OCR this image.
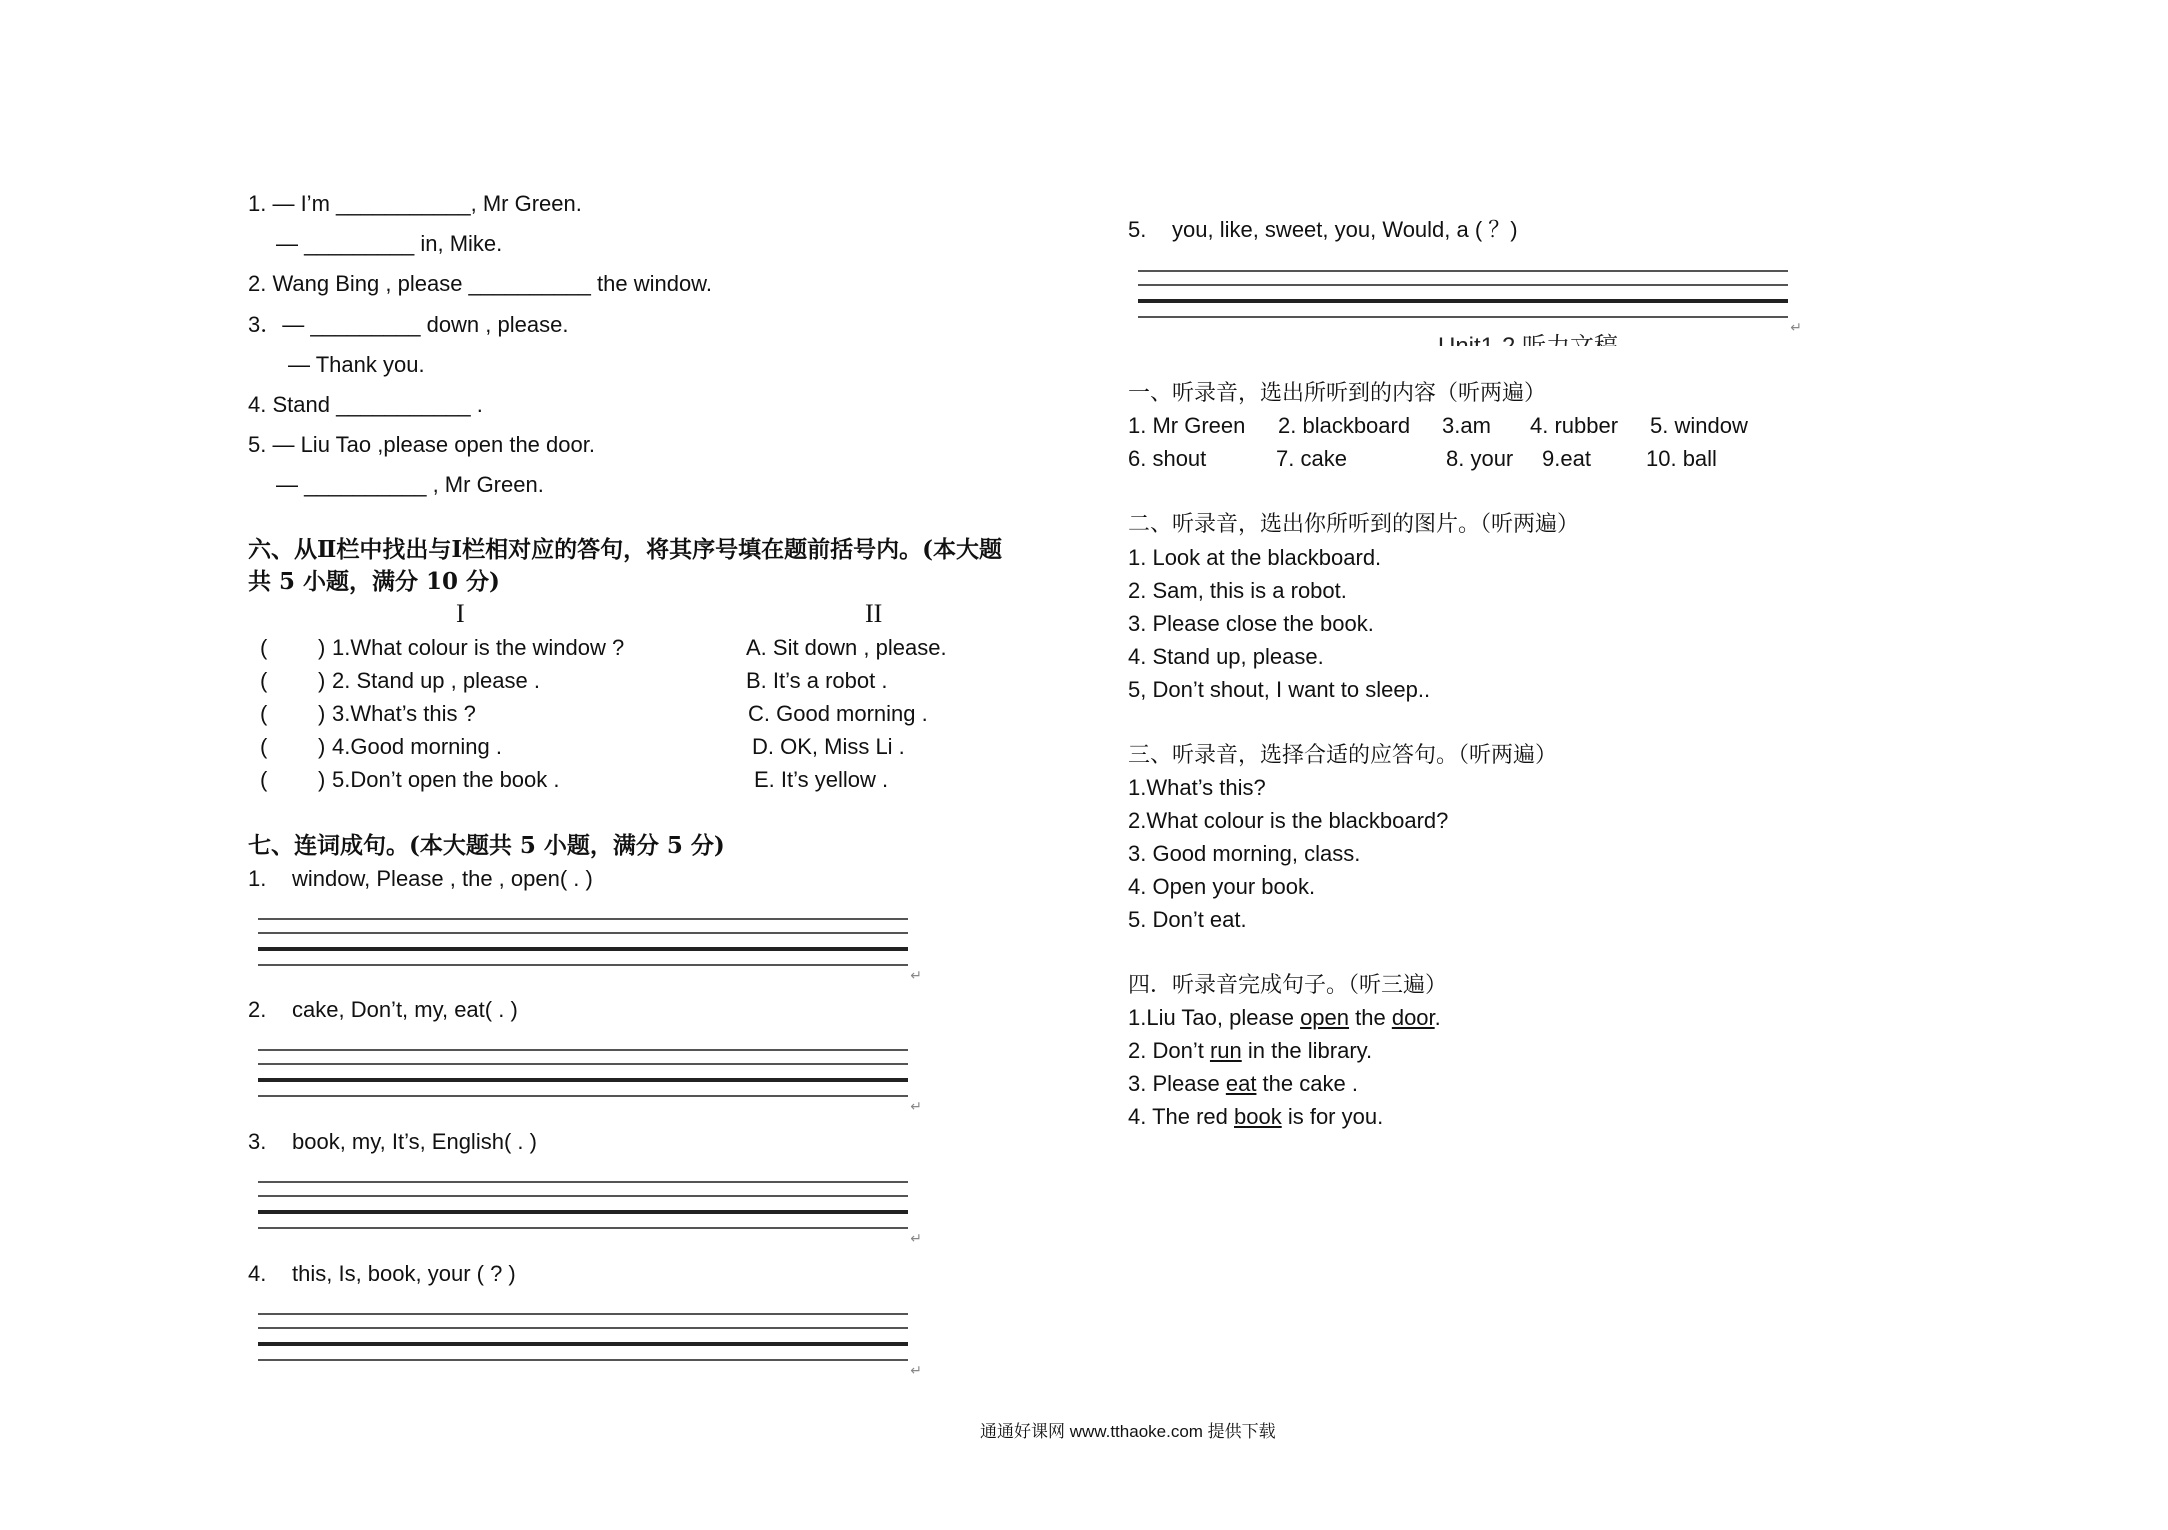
1. — I’m ___________, Mr Green.
— _________ in, Mike.
2. Wang Bing , please __________ the window.
3．— _________ down , please.
— Thank you.
4. Stand ___________ .
5. — Liu Tao ,please open the door.
— __________ , Mr Green.
六、从Ⅱ栏中找出与Ⅰ栏相对应的答句，将其序号填在题前括号内。(本大题
共 5 小题，满分 10 分)
I	II
( ) 1.What colour is the window ?	A. Sit down , please.
( ) 2. Stand up , please .	B. It’s a robot .
( ) 3.What’s this ?	C. Good morning .
( ) 4.Good morning .	D. OK, Miss Li .
( ) 5.Don’t open the book .	E. It’s yellow .
七、连词成句。(本大题共 5 小题，满分 5 分)
1. window, Please , the , open( . )
↵
2. cake, Don’t, my, eat( . )
↵
3. book, my, It’s, English( . )
↵
4. this, Is, book, your ( ? )
↵
5. you, like, sweet, you, Would, a ( ？)
↵
一、听录音，选出所听到的内容（听两遍）
1. Mr Green 2. blackboard 3.am 4. rubber 5. window
6. shout	7. cake	8. your 9.eat	10. ball
二、听录音，选出你所听到的图片。（听两遍）
1. Look at the blackboard.
2. Sam, this is a robot.
3. Please close the book.
4. Stand up, please.
5, Don’t shout, I want to sleep..
三、听录音，选择合适的应答句。（听两遍）
1.What’s this?
2.What colour is the blackboard?
3. Good morning, class.
4. Open your book.
5. Don’t eat.
四．听录音完成句子。（听三遍）
1.Liu Tao, please open the door.
2. Don’t run in the library.
3. Please eat the cake .
4. The red book is for you.
通通好课网 www.tthaoke.com 提供下载
